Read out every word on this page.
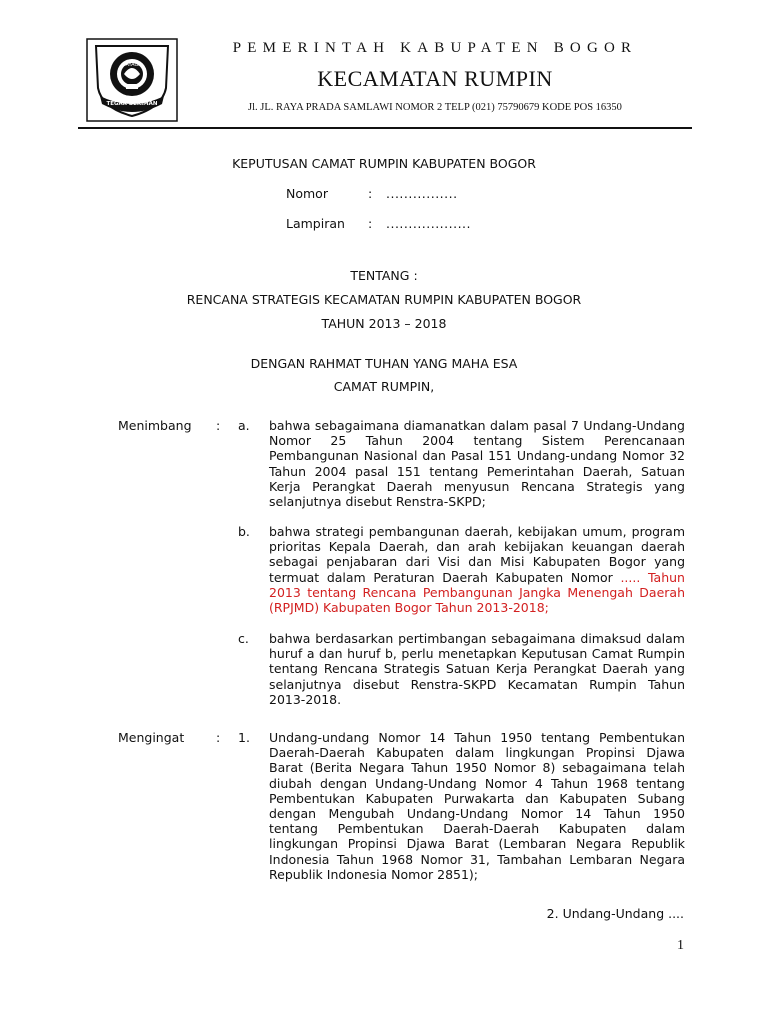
SAYAGA
TEGAR BERIMAN
PEMERINTAH KABUPATEN BOGOR
KECAMATAN RUMPIN
Jl. JL. RAYA PRADA SAMLAWI NOMOR 2 TELP (021) 75790679 KODE POS 16350
KEPUTUSAN CAMAT RUMPIN KABUPATEN BOGOR
Nomor	: ................
Lampiran : ...................
TENTANG :
RENCANA STRATEGIS KECAMATAN RUMPIN KABUPATEN BOGOR
TAHUN 2013 – 2018
DENGAN RAHMAT TUHAN YANG MAHA ESA
CAMAT RUMPIN,
Menimbang : a. bahwa sebagaimana diamanatkan dalam pasal 7 Undang-Undang Nomor 25 Tahun 2004 tentang Sistem Perencanaan Pembangunan Nasional dan Pasal 151 Undang-undang Nomor 32 Tahun 2004 pasal 151 tentang Pemerintahan Daerah, Satuan Kerja Perangkat Daerah menyusun Rencana Strategis yang selanjutnya disebut Renstra-SKPD;
b. bahwa strategi pembangunan daerah, kebijakan umum, program prioritas Kepala Daerah, dan arah kebijakan keuangan daerah sebagai penjabaran dari Visi dan Misi Kabupaten Bogor yang termuat dalam Peraturan Daerah Kabupaten Nomor ..... Tahun 2013 tentang Rencana Pembangunan Jangka Menengah Daerah (RPJMD) Kabupaten Bogor Tahun 2013-2018;
c. bahwa berdasarkan pertimbangan sebagaimana dimaksud dalam huruf a dan huruf b, perlu menetapkan Keputusan Camat Rumpin tentang Rencana Strategis Satuan Kerja Perangkat Daerah yang selanjutnya disebut Renstra-SKPD Kecamatan Rumpin Tahun 2013-2018.
Mengingat	: 1. Undang-undang Nomor 14 Tahun 1950 tentang Pembentukan Daerah-Daerah Kabupaten dalam lingkungan Propinsi Djawa Barat (Berita Negara Tahun 1950 Nomor 8) sebagaimana telah diubah dengan Undang-Undang Nomor 4 Tahun 1968 tentang Pembentukan Kabupaten Purwakarta dan Kabupaten Subang dengan Mengubah Undang-Undang Nomor 14 Tahun 1950 tentang Pembentukan Daerah-Daerah Kabupaten dalam lingkungan Propinsi Djawa Barat (Lembaran Negara Republik Indonesia Tahun 1968 Nomor 31, Tambahan Lembaran Negara Republik Indonesia Nomor 2851);
2. Undang-Undang ....
1
